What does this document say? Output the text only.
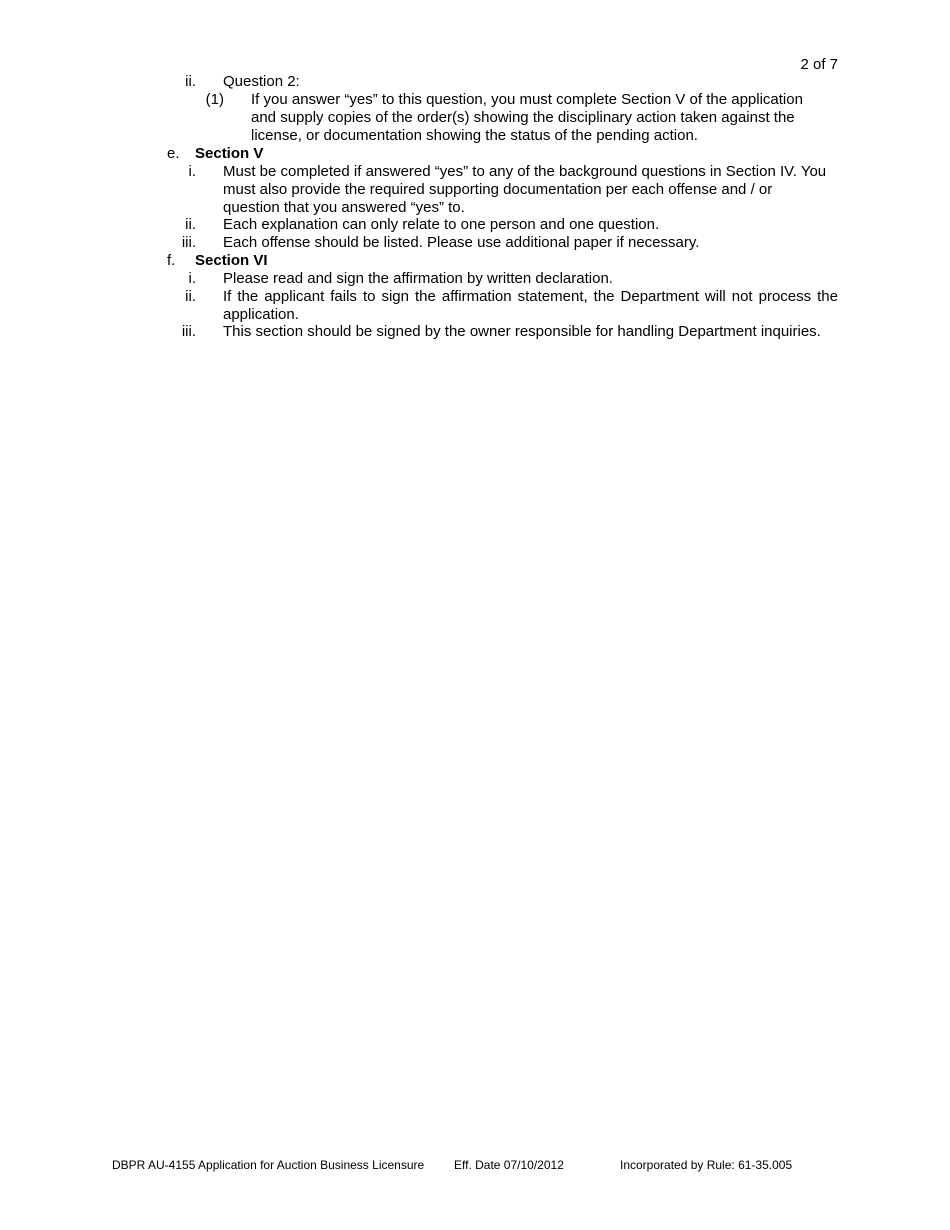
2 of 7
ii. Question 2:
(1) If you answer “yes” to this question, you must complete Section V of the application and supply copies of the order(s) showing the disciplinary action taken against the license, or documentation showing the status of the pending action.
e. Section V
i. Must be completed if answered “yes” to any of the background questions in Section IV. You must also provide the required supporting documentation per each offense and / or question that you answered “yes” to.
ii. Each explanation can only relate to one person and one question.
iii. Each offense should be listed. Please use additional paper if necessary.
f. Section VI
i. Please read and sign the affirmation by written declaration.
ii. If the applicant fails to sign the affirmation statement, the Department will not process the application.
iii. This section should be signed by the owner responsible for handling Department inquiries.
DBPR AU-4155 Application for Auction Business Licensure Eff. Date 07/10/2012	Incorporated by Rule: 61-35.005
